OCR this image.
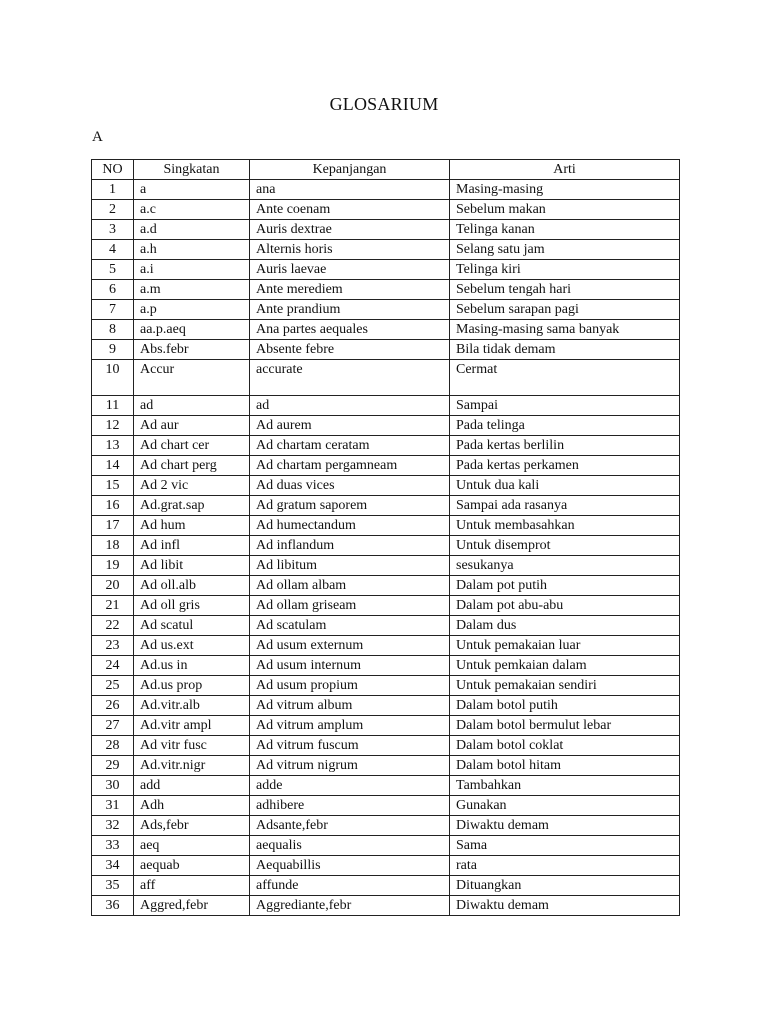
GLOSARIUM
A
NO	Singkatan	Kepanjangan	Arti
1	a	ana	Masing-masing
2	a.c	Ante coenam	Sebelum makan
3	a.d	Auris dextrae	Telinga kanan
4	a.h	Alternis horis	Selang satu jam
5	a.i	Auris laevae	Telinga kiri
6	a.m	Ante merediem	Sebelum tengah hari
7	a.p	Ante prandium	Sebelum sarapan pagi
8	aa.p.aeq	Ana partes aequales	Masing-masing sama banyak
9	Abs.febr	Absente febre	Bila tidak demam
10	Accur	accurate	Cermat
11	ad	ad	Sampai
12	Ad aur	Ad aurem	Pada telinga
13	Ad chart cer	Ad chartam ceratam	Pada kertas berlilin
14	Ad chart perg	Ad chartam pergamneam	Pada kertas perkamen
15	Ad 2 vic	Ad duas vices	Untuk dua kali
16	Ad.grat.sap	Ad gratum saporem	Sampai ada rasanya
17	Ad hum	Ad humectandum	Untuk membasahkan
18	Ad infl	Ad inflandum	Untuk disemprot
19	Ad libit	Ad libitum	sesukanya
20	Ad oll.alb	Ad ollam albam	Dalam pot putih
21	Ad oll gris	Ad ollam griseam	Dalam pot abu-abu
22	Ad scatul	Ad scatulam	Dalam dus
23	Ad us.ext	Ad usum externum	Untuk pemakaian luar
24	Ad.us in	Ad usum internum	Untuk pemkaian dalam
25	Ad.us prop	Ad usum propium	Untuk pemakaian sendiri
26	Ad.vitr.alb	Ad vitrum album	Dalam botol putih
27	Ad.vitr ampl	Ad vitrum amplum	Dalam botol bermulut lebar
28	Ad vitr fusc	Ad vitrum fuscum	Dalam botol coklat
29	Ad.vitr.nigr	Ad vitrum nigrum	Dalam botol hitam
30	add	adde	Tambahkan
31	Adh	adhibere	Gunakan
32	Ads,febr	Adsante,febr	Diwaktu demam
33	aeq	aequalis	Sama
34	aequab	Aequabillis	rata
35	aff	affunde	Dituangkan
36	Aggred,febr	Aggrediante,febr	Diwaktu demam
